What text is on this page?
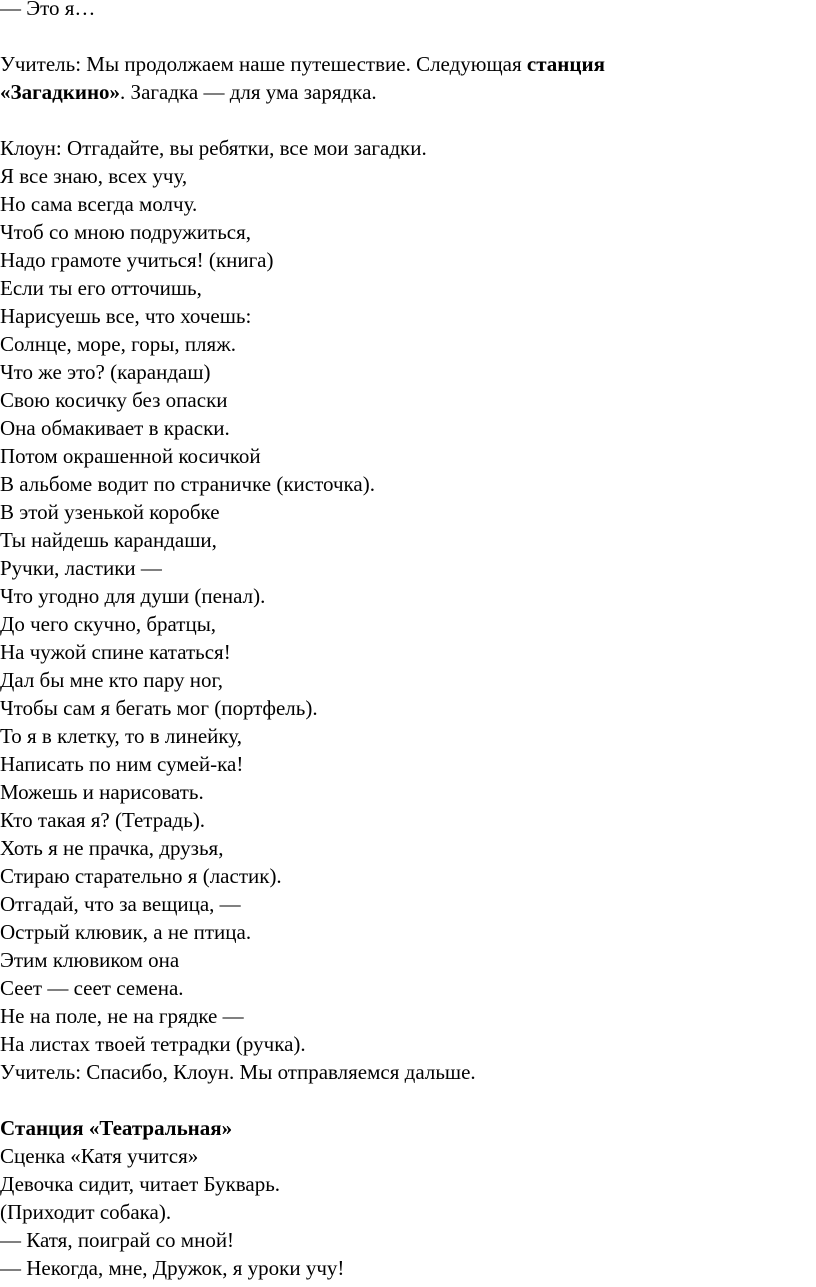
— Это я…

Учитель: Мы продолжаем наше путешествие. Следующая станция

«Загадкино». Загадка — для ума зарядка.

Клоун: Отгадайте, вы ребятки, все мои загадки.

Я все знаю, всех учу,

Но сама всегда молчу.

Чтоб со мною подружиться,

Надо грамоте учиться! (книга)

Если ты его отточишь,

Нарисуешь все, что хочешь:

Солнце, море, горы, пляж.

Что же это? (карандаш)

Свою косичку без опаски

Она обмакивает в краски.

Потом окрашенной косичкой

В альбоме водит по страничке (кисточка).

В этой узенькой коробке

Ты найдешь карандаши,

Ручки, ластики —

Что угодно для души (пенал).

До чего скучно, братцы,

На чужой спине кататься!

Дал бы мне кто пару ног,

Чтобы сам я бегать мог (портфель).

То я в клетку, то в линейку,

Написать по ним сумей-ка!

Можешь и нарисовать.

Кто такая я? (Тетрадь).

Хоть я не прачка, друзья,

Стираю старательно я (ластик).

Отгадай, что за вещица, —

Острый клювик, а не птица.

Этим клювиком она

Сеет — сеет семена.

Не на поле, не на грядке —

На листах твоей тетрадки (ручка).

Учитель: Спасибо, Клоун. Мы отправляемся дальше.

Станция «Театральная»

Сценка «Катя учится»

Девочка сидит, читает Букварь.

(Приходит собака).

— Катя, поиграй со мной!

— Некогда, мне, Дружок, я уроки учу!
